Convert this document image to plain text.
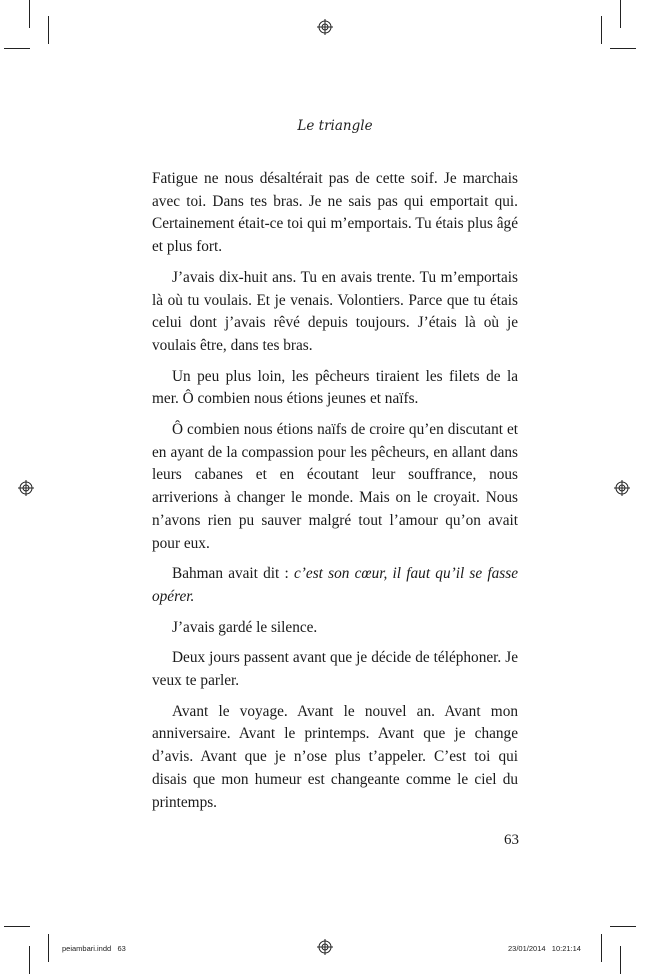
Le triangle

Fatigue ne nous désaltérait pas de cette soif. Je marchais avec toi. Dans tes bras. Je ne sais pas qui emportait qui. Certainement était-ce toi qui m’emportais. Tu étais plus âgé et plus fort.

J’avais dix-huit ans. Tu en avais trente. Tu m’emportais là où tu voulais. Et je venais. Volontiers. Parce que tu étais celui dont j’avais rêvé depuis toujours. J’étais là où je voulais être, dans tes bras.

Un peu plus loin, les pêcheurs tiraient les filets de la mer. Ô combien nous étions jeunes et naïfs.

Ô combien nous étions naïfs de croire qu’en discutant et en ayant de la compassion pour les pêcheurs, en allant dans leurs cabanes et en écoutant leur souffrance, nous arriverions à changer le monde. Mais on le croyait. Nous n’avons rien pu sauver malgré tout l’amour qu’on avait pour eux.

Bahman avait dit : c’est son cœur, il faut qu’il se fasse opérer.

J’avais gardé le silence.

Deux jours passent avant que je décide de téléphoner. Je veux te parler.

Avant le voyage. Avant le nouvel an. Avant mon anniversaire. Avant le printemps. Avant que je change d’avis. Avant que je n’ose plus t’appeler. C’est toi qui disais que mon humeur est changeante comme le ciel du printemps.

63
peiambari.indd   63	23/01/2014   10:21:14
